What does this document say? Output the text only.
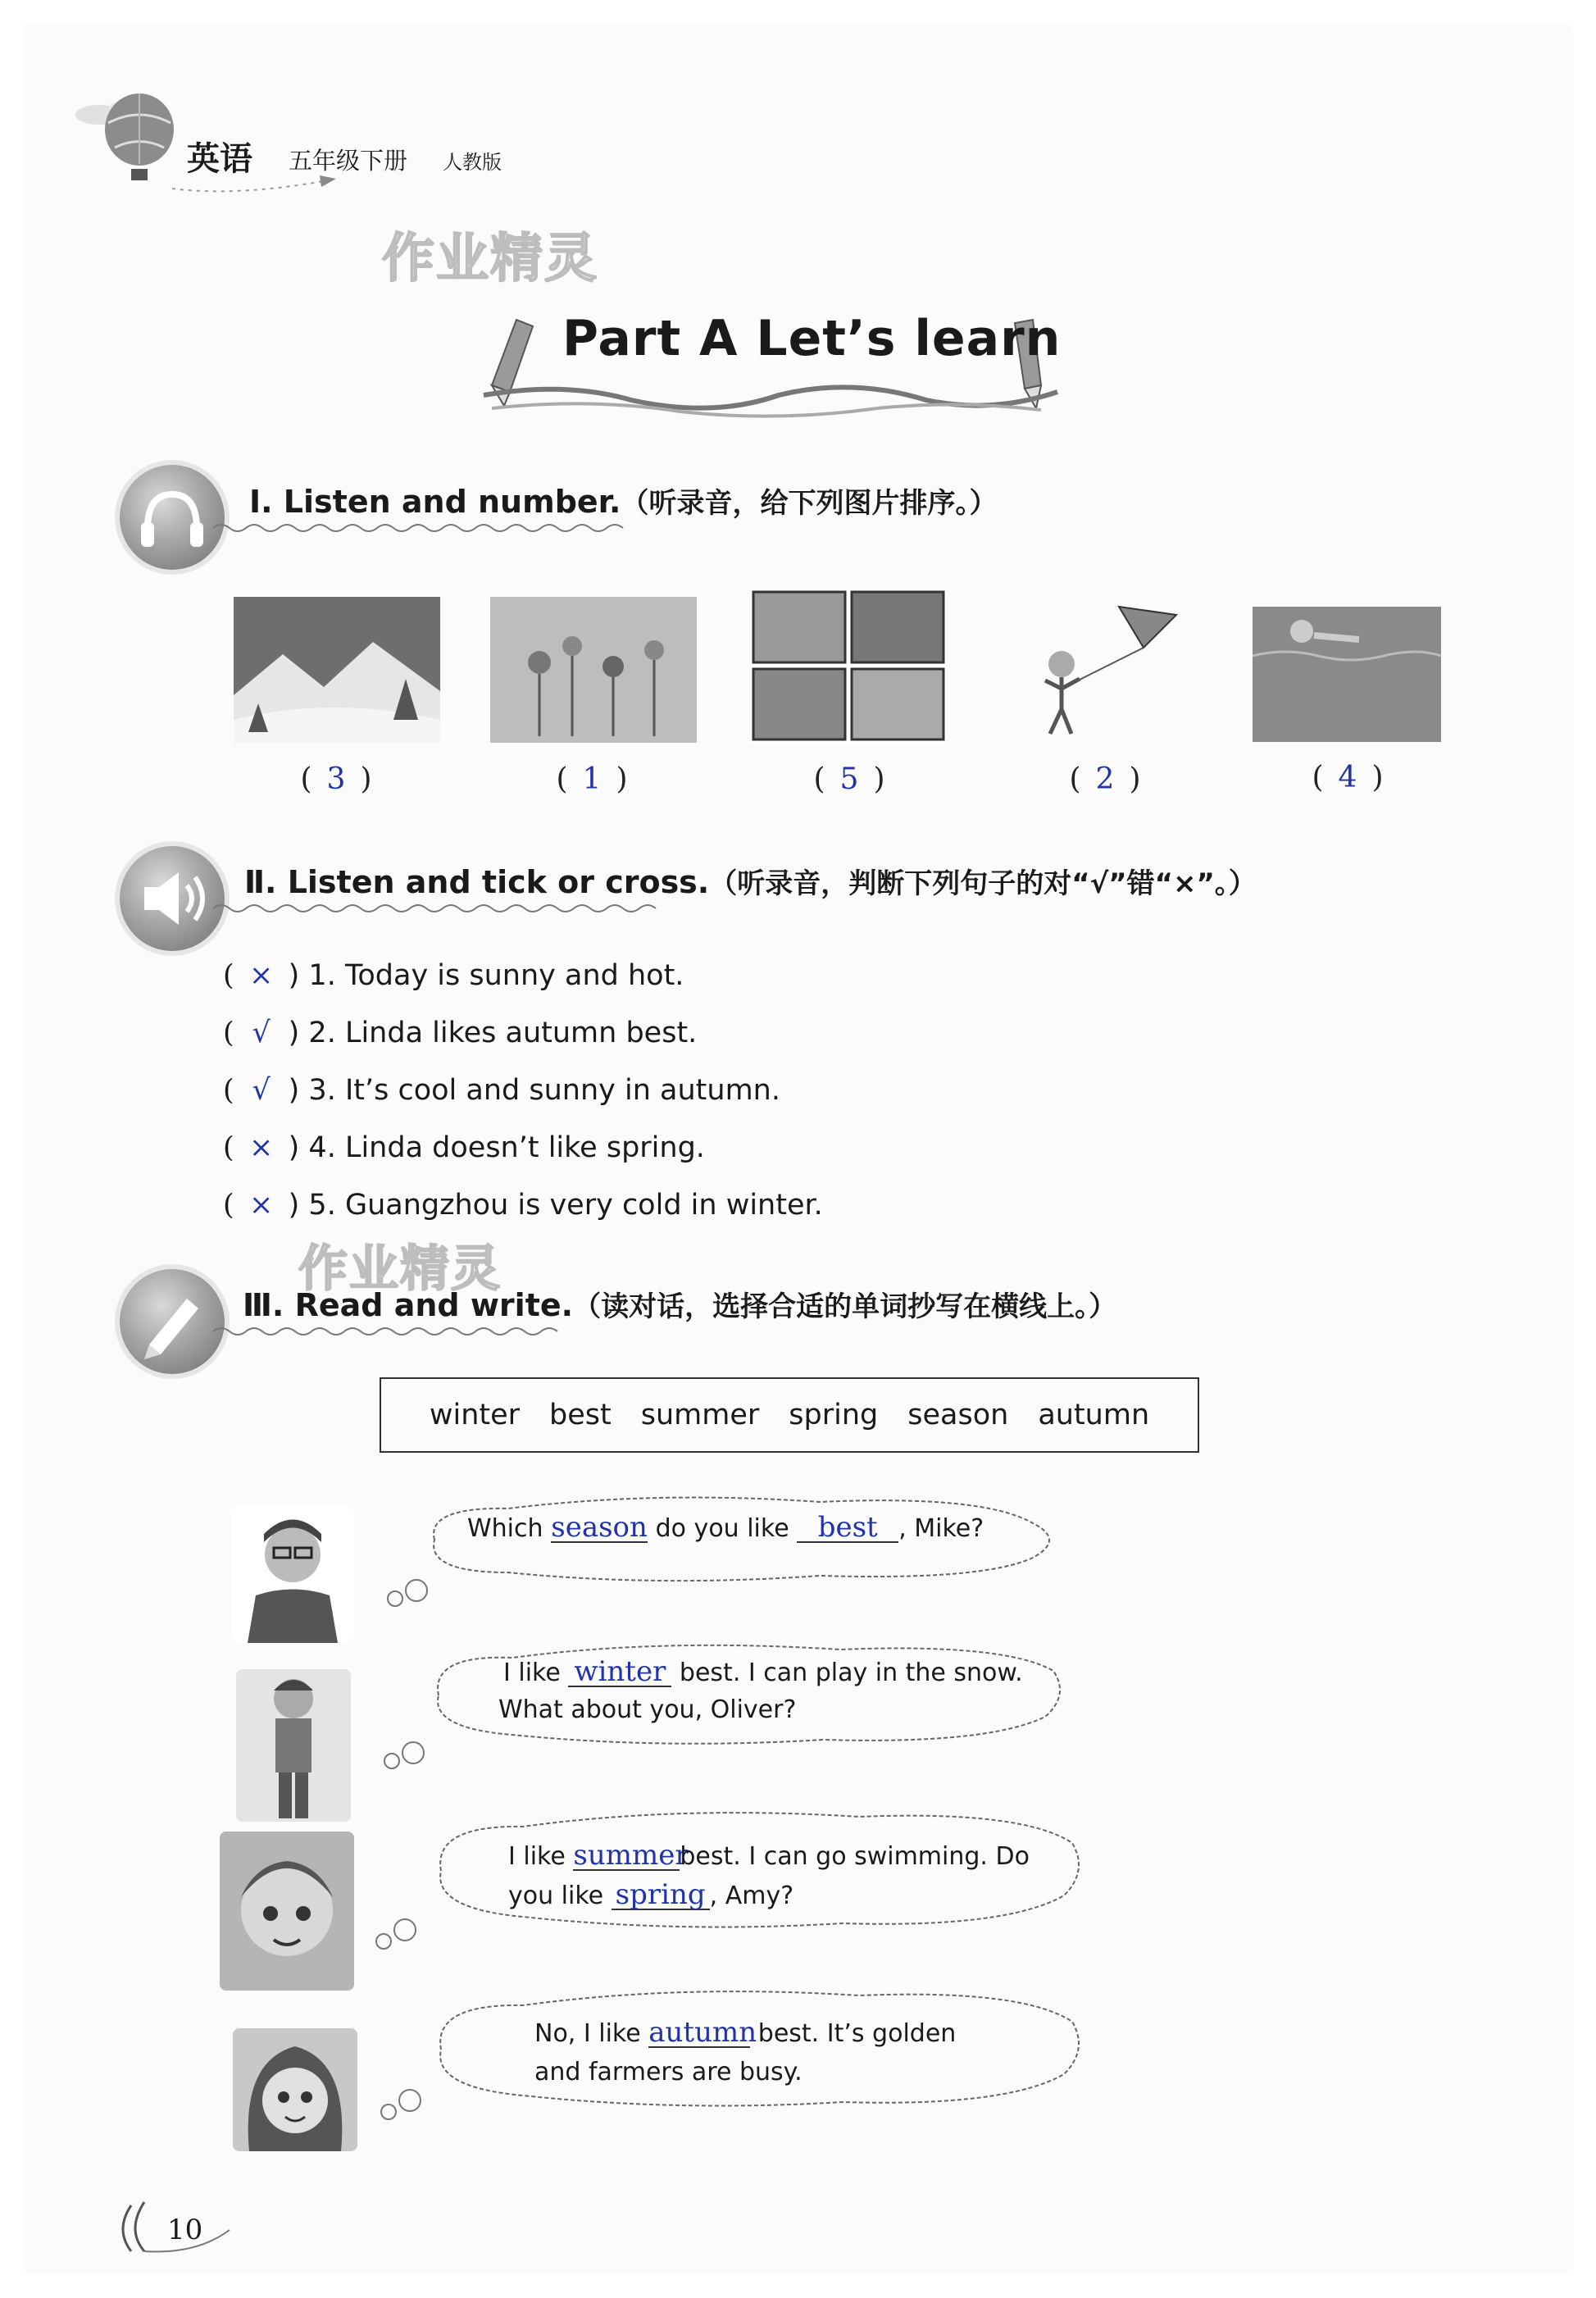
英语 五年级下册 人教版
作业精灵
Part A Let’s learn
Ⅰ. Listen and number.（听录音，给下列图片排序。）
( 3 )	( 1 )	( 5 )	( 2 )	( 4 )
Ⅱ. Listen and tick or cross.（听录音，判断下列句子的对“√”错“×”。）
( × ) 1. Today is sunny and hot.
( √ ) 2. Linda likes autumn best.
( √ ) 3. It’s cool and sunny in autumn.
( × ) 4. Linda doesn’t like spring.
( × ) 5. Guangzhou is very cold in winter.
作业精灵
Ⅲ. Read and write.（读对话，选择合适的单词抄写在横线上。）
winter best summer spring season autumn
Which season do you like best , Mike?
I like winter best. I can play in the snow.
What about you, Oliver?
I like summerbest. I can go swimming. Do
you like spring , Amy?
No, I like autumn best. It’s golden
and farmers are busy.
10
